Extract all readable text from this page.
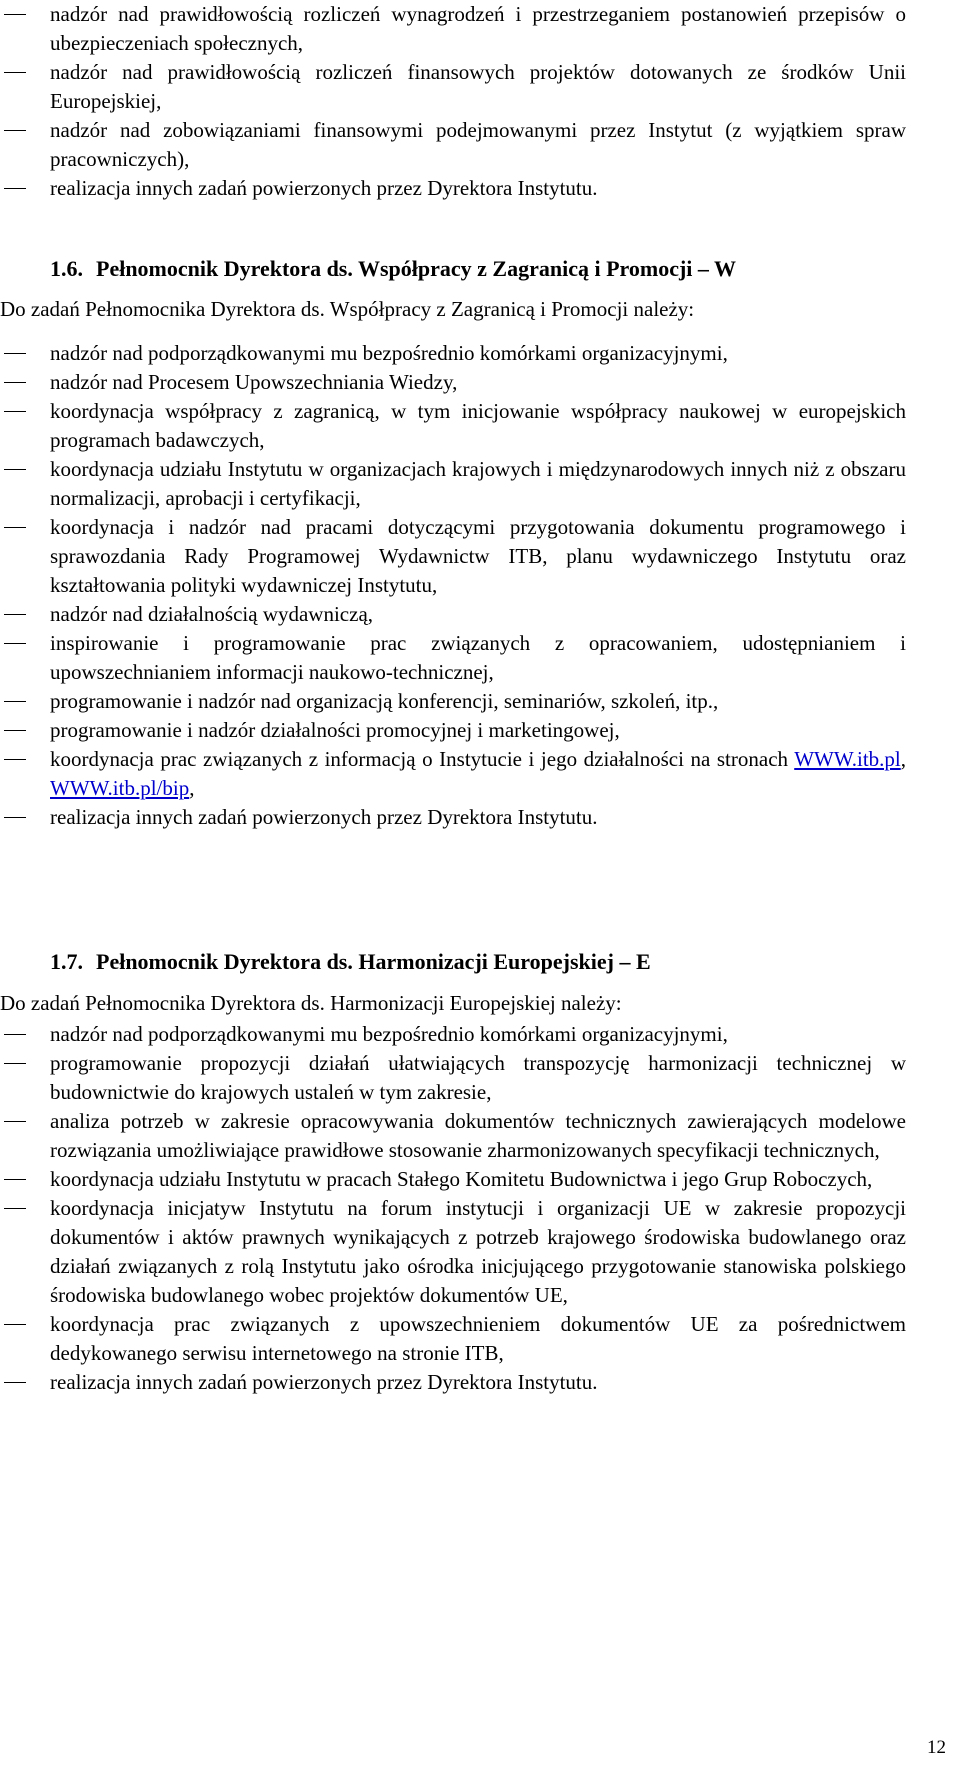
nadzór nad prawidłowością rozliczeń wynagrodzeń i przestrzeganiem postanowień przepisów o ubezpieczeniach społecznych,
nadzór nad prawidłowością rozliczeń finansowych projektów dotowanych ze środków Unii Europejskiej,
nadzór nad zobowiązaniami finansowymi podejmowanymi przez Instytut (z wyjątkiem spraw pracowniczych),
realizacja innych zadań powierzonych przez Dyrektora Instytutu.
1.6. Pełnomocnik Dyrektora ds. Współpracy z Zagranicą i Promocji – W
Do zadań Pełnomocnika Dyrektora ds. Współpracy z Zagranicą i Promocji należy:
nadzór nad podporządkowanymi mu bezpośrednio komórkami organizacyjnymi,
nadzór nad Procesem Upowszechniania Wiedzy,
koordynacja współpracy z zagranicą, w tym inicjowanie współpracy naukowej w europejskich programach badawczych,
koordynacja udziału Instytutu w organizacjach krajowych i międzynarodowych innych niż z obszaru normalizacji, aprobacji i certyfikacji,
koordynacja i nadzór nad pracami dotyczącymi przygotowania dokumentu programowego i sprawozdania Rady Programowej Wydawnictw ITB, planu wydawniczego Instytutu oraz kształtowania polityki wydawniczej Instytutu,
nadzór nad działalnością wydawniczą,
inspirowanie i programowanie prac związanych z opracowaniem, udostępnianiem i upowszechnianiem informacji naukowo-technicznej,
programowanie i nadzór nad organizacją konferencji, seminariów, szkoleń, itp.,
programowanie i nadzór działalności promocyjnej i marketingowej,
koordynacja prac związanych z informacją o Instytucie i jego działalności na stronach WWW.itb.pl, WWW.itb.pl/bip,
realizacja innych zadań powierzonych przez Dyrektora Instytutu.
1.7. Pełnomocnik Dyrektora ds. Harmonizacji Europejskiej – E
Do zadań Pełnomocnika Dyrektora ds. Harmonizacji Europejskiej należy:
nadzór nad podporządkowanymi mu bezpośrednio komórkami organizacyjnymi,
programowanie propozycji działań ułatwiających transpozycję harmonizacji technicznej w budownictwie do krajowych ustaleń w tym zakresie,
analiza potrzeb w zakresie opracowywania dokumentów technicznych zawierających modelowe rozwiązania umożliwiające prawidłowe stosowanie zharmonizowanych specyfikacji technicznych,
koordynacja udziału Instytutu w pracach Stałego Komitetu Budownictwa i jego Grup Roboczych,
koordynacja inicjatyw Instytutu na forum instytucji i organizacji UE w zakresie propozycji dokumentów i aktów prawnych wynikających z potrzeb krajowego środowiska budowlanego oraz działań związanych z rolą Instytutu jako ośrodka inicjującego przygotowanie stanowiska polskiego środowiska budowlanego wobec projektów dokumentów UE,
koordynacja prac związanych z upowszechnieniem dokumentów UE za pośrednictwem dedykowanego serwisu internetowego na stronie ITB,
realizacja innych zadań powierzonych przez Dyrektora Instytutu.
12
